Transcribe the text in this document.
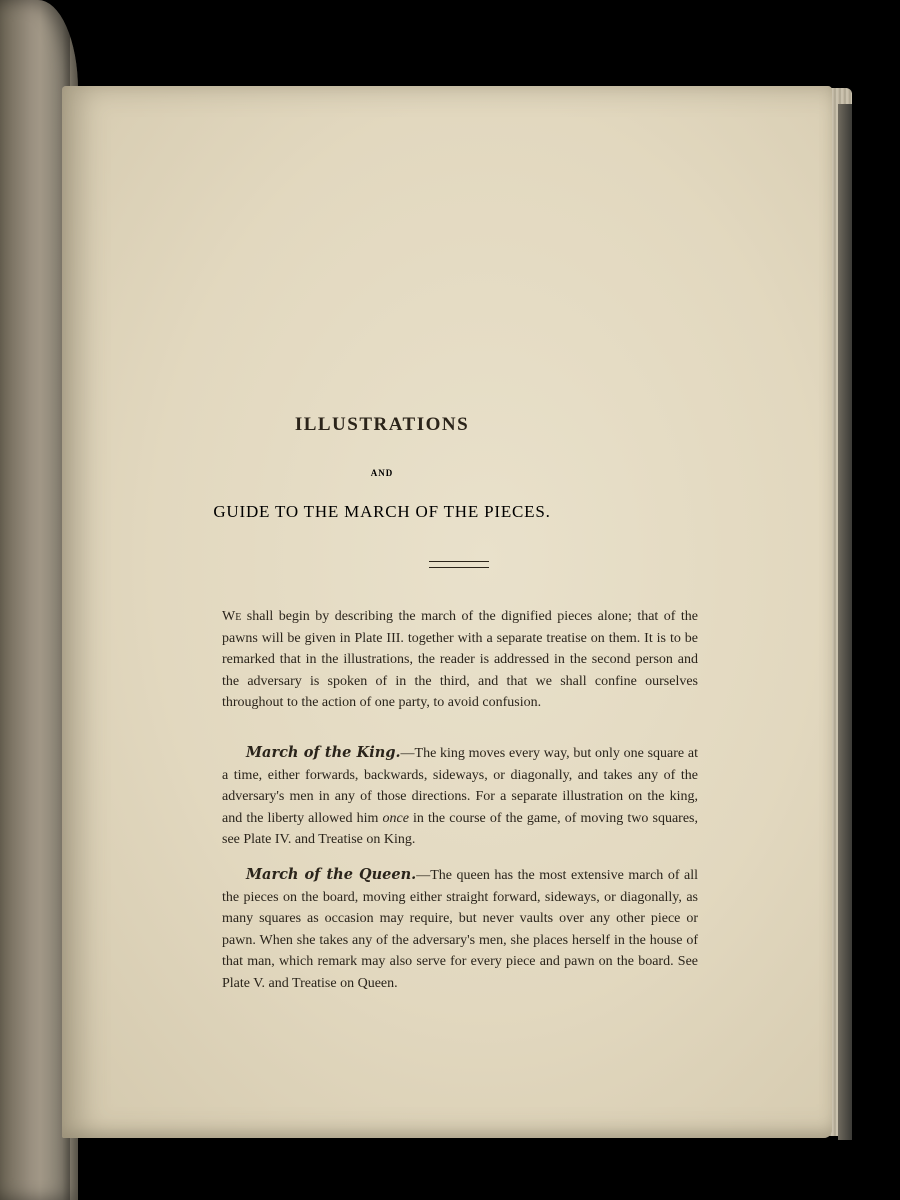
ILLUSTRATIONS
AND
GUIDE TO THE MARCH OF THE PIECES.
We shall begin by describing the march of the dignified pieces alone; that of the pawns will be given in Plate III. together with a separate treatise on them. It is to be remarked that in the illustrations, the reader is addressed in the second person and the adversary is spoken of in the third, and that we shall confine ourselves throughout to the action of one party, to avoid confusion.
March of the King.—The king moves every way, but only one square at a time, either forwards, backwards, sideways, or diagonally, and takes any of the adversary's men in any of those directions. For a separate illustration on the king, and the liberty allowed him once in the course of the game, of moving two squares, see Plate IV. and Treatise on King.
March of the Queen.—The queen has the most extensive march of all the pieces on the board, moving either straight forward, sideways, or diagonally, as many squares as occasion may require, but never vaults over any other piece or pawn. When she takes any of the adversary's men, she places herself in the house of that man, which remark may also serve for every piece and pawn on the board. See Plate V. and Treatise on Queen.
